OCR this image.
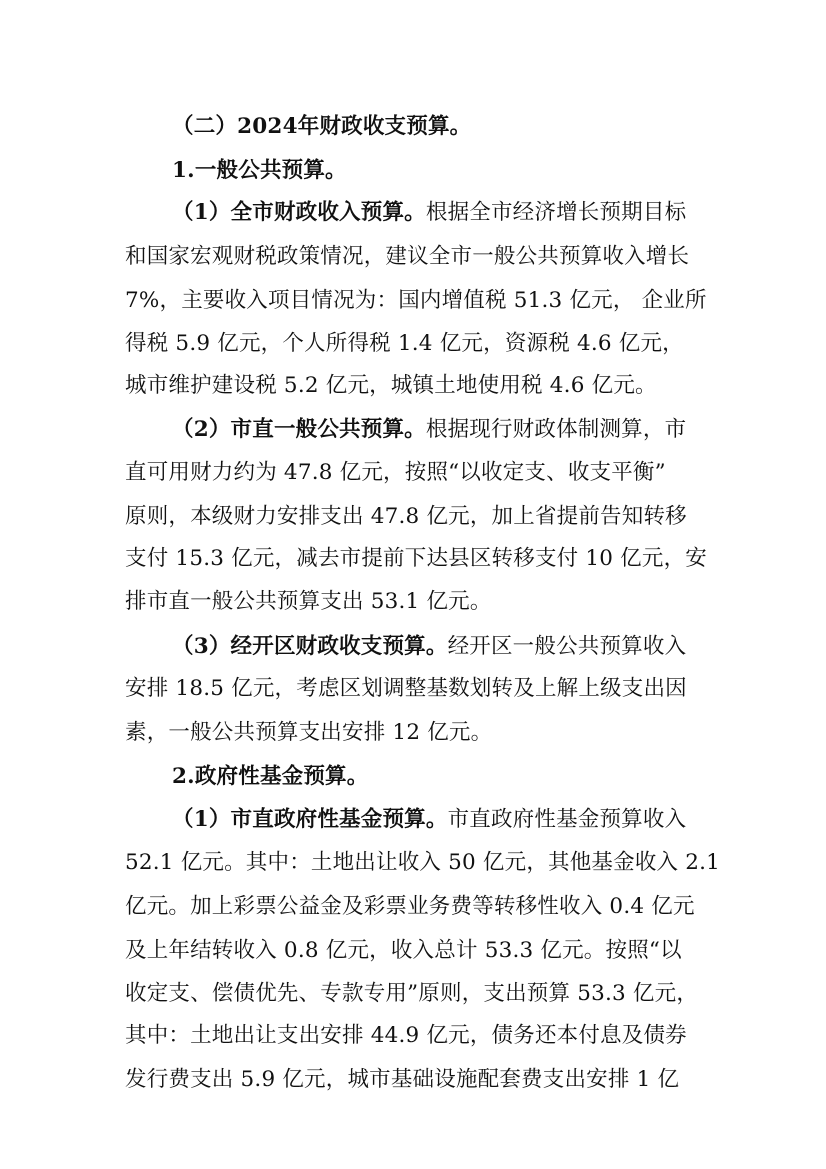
（二）2024年财政收支预算。
1.一般公共预算。
（1）全市财政收入预算。根据全市经济增长预期目标
和国家宏观财税政策情况，建议全市一般公共预算收入增长
7%，主要收入项目情况为：国内增值税 51.3 亿元， 企业所
得税 5.9 亿元，个人所得税 1.4 亿元，资源税 4.6 亿元，
城市维护建设税 5.2 亿元，城镇土地使用税 4.6 亿元。
（2）市直一般公共预算。根据现行财政体制测算，市
直可用财力约为 47.8 亿元，按照“以收定支、收支平衡”
原则，本级财力安排支出 47.8 亿元，加上省提前告知转移
支付 15.3 亿元，减去市提前下达县区转移支付 10 亿元，安
排市直一般公共预算支出 53.1 亿元。
（3）经开区财政收支预算。经开区一般公共预算收入
安排 18.5 亿元，考虑区划调整基数划转及上解上级支出因
素，一般公共预算支出安排 12 亿元。
2.政府性基金预算。
（1）市直政府性基金预算。市直政府性基金预算收入
52.1 亿元。其中：土地出让收入 50 亿元，其他基金收入 2.1
亿元。加上彩票公益金及彩票业务费等转移性收入 0.4 亿元
及上年结转收入 0.8 亿元，收入总计 53.3 亿元。按照“以
收定支、偿债优先、专款专用”原则，支出预算 53.3 亿元，
其中：土地出让支出安排 44.9 亿元，债务还本付息及债券
发行费支出 5.9 亿元，城市基础设施配套费支出安排 1 亿
